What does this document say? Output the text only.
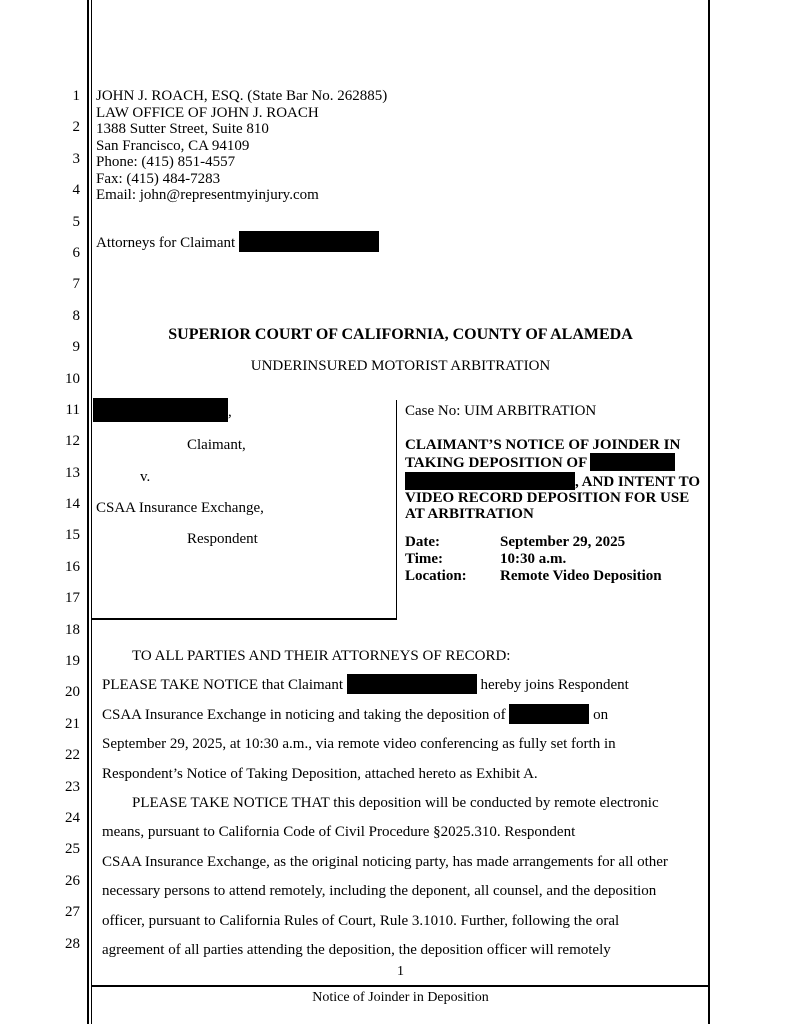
1
2
3
4
5
6
7
8
9
10
11
12
13
14
15
16
17
18
19
20
21
22
23
24
25
26
27
28
JOHN J. ROACH, ESQ. (State Bar No. 262885)
LAW OFFICE OF JOHN J. ROACH
1388 Sutter Street, Suite 810
San Francisco, CA 94109
Phone: (415) 851-4557
Fax: (415) 484-7283
Email: john@representmyinjury.com
Attorneys for Claimant
SUPERIOR COURT OF CALIFORNIA, COUNTY OF ALAMEDA
UNDERINSURED MOTORIST ARBITRATION
,
Claimant,
v.
CSAA Insurance Exchange,
Respondent
Case No: UIM ARBITRATION
CLAIMANT’S NOTICE OF JOINDER IN
TAKING DEPOSITION OF
, AND INTENT TO
VIDEO RECORD DEPOSITION FOR USE
AT ARBITRATION
Date:	September 29, 2025
Time:	10:30 a.m.
Location: Remote Video Deposition
TO ALL PARTIES AND THEIR ATTORNEYS OF RECORD:
PLEASE TAKE NOTICE that Claimant	hereby joins Respondent
CSAA Insurance Exchange in noticing and taking the deposition of	on
September 29, 2025, at 10:30 a.m., via remote video conferencing as fully set forth in
Respondent’s Notice of Taking Deposition, attached hereto as Exhibit A.
PLEASE TAKE NOTICE THAT this deposition will be conducted by remote electronic
means, pursuant to California Code of Civil Procedure §2025.310. Respondent
CSAA Insurance Exchange, as the original noticing party, has made arrangements for all other
necessary persons to attend remotely, including the deponent, all counsel, and the deposition
officer, pursuant to California Rules of Court, Rule 3.1010. Further, following the oral
agreement of all parties attending the deposition, the deposition officer will remotely
1
Notice of Joinder in Deposition
